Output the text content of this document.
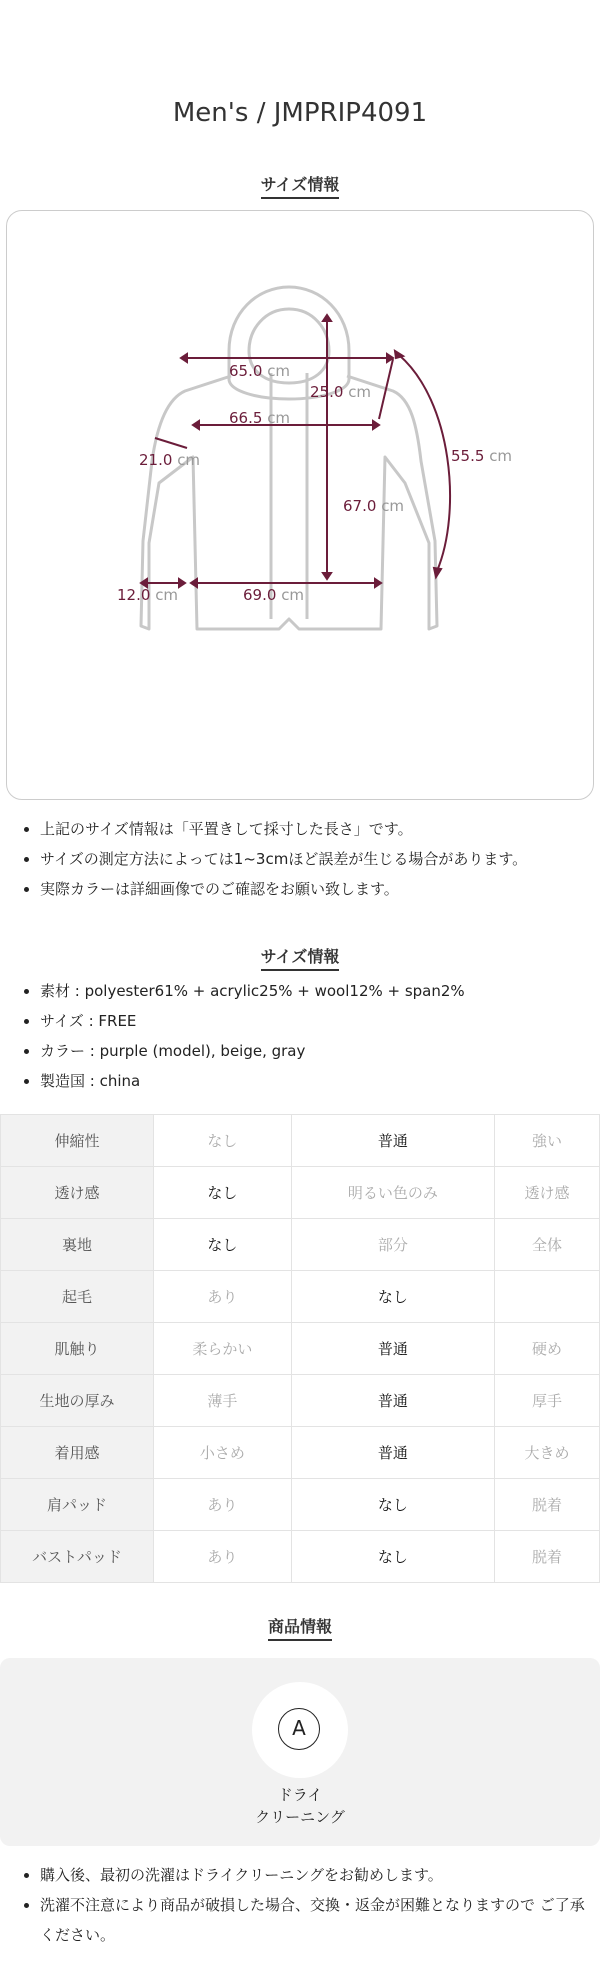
Men's / JMPRIP4091
サイズ情報
65.0 cm
25.0 cm
66.5 cm
55.5 cm
21.0 cm
67.0 cm
12.0 cm	69.0 cm
• 上記のサイズ情報は「平置きして採寸した長さ」です。
• サイズの測定方法によっては1~3cmほど誤差が生じる場合があります。
• 実際カラーは詳細画像でのご確認をお願い致します。
サイズ情報
• 素材 : polyester61% + acrylic25% + wool12% + span2%
• サイズ : FREE
• カラー : purple (model), beige, gray
• 製造国 : china
伸縮性	なし	普通	強い
透け感	なし	明るい色のみ	透け感
裏地	なし	部分	全体
起毛	あり	なし	
肌触り	柔らかい	普通	硬め
生地の厚み	薄手	普通	厚手
着用感	小さめ	普通	大きめ
肩パッド	あり	なし	脱着
バストパッド	あり	なし	脱着
商品情報
A
ドライ
クリーニング
• 購入後、最初の洗濯はドライクリーニングをお勧めします。
• 洗濯不注意により商品が破損した場合、交換・返金が困難となりますので ご了承ください。
